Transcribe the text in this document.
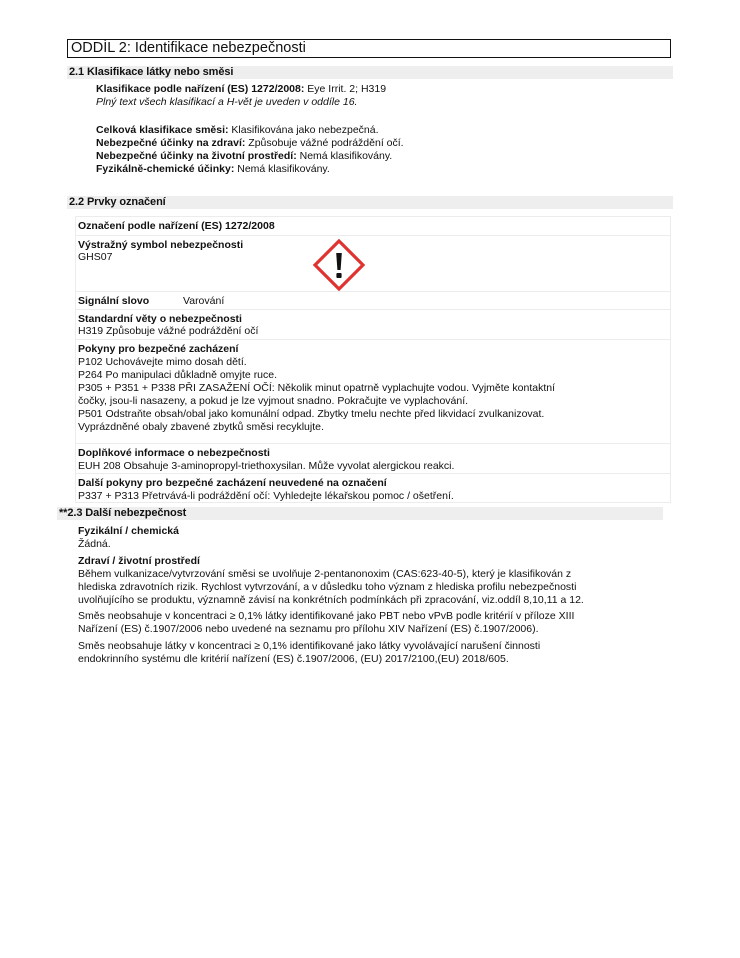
ODDÍL 2: Identifikace nebezpečnosti
2.1 Klasifikace látky nebo směsi
Klasifikace podle nařízení (ES) 1272/2008: Eye Irrit. 2; H319
Plný text všech klasifikací a H-vět je uveden v oddíle 16.
Celková klasifikace směsi: Klasifikována jako nebezpečná.
Nebezpečné účinky na zdraví: Způsobuje vážné podráždění očí.
Nebezpečné účinky na životní prostředí: Nemá klasifikovány.
Fyzikálně-chemické účinky: Nemá klasifikovány.
2.2 Prvky označení
Označení podle nařízení (ES) 1272/2008
Výstražný symbol nebezpečnosti
GHS07
Signální slovo	Varování
Standardní věty o nebezpečnosti
H319 Způsobuje vážné podráždění očí
Pokyny pro bezpečné zacházení
P102 Uchovávejte mimo dosah dětí.
P264 Po manipulaci důkladně omyjte ruce.
P305 + P351 + P338 PŘI ZASAŽENÍ OČÍ: Několik minut opatrně vyplachujte vodou. Vyjměte kontaktní
čočky, jsou-li nasazeny, a pokud je lze vyjmout snadno. Pokračujte ve vyplachování.
P501 Odstraňte obsah/obal jako komunální odpad. Zbytky tmelu nechte před likvidací zvulkanizovat.
Vyprázdněné obaly zbavené zbytků směsi recyklujte.
Doplňkové informace o nebezpečnosti
EUH 208 Obsahuje 3-aminopropyl-triethoxysilan. Může vyvolat alergickou reakci.
Další pokyny pro bezpečné zacházení neuvedené na označení
P337 + P313 Přetrvává-li podráždění očí: Vyhledejte lékařskou pomoc / ošetření.
**2.3 Další nebezpečnost
Fyzikální / chemická
Žádná.
Zdraví / životní prostředí
Během vulkanizace/vytvrzování směsi se uvolňuje 2-pentanonoxim (CAS:623-40-5), který je klasifikován z
hlediska zdravotních rizik. Rychlost vytvrzování, a v důsledku toho význam z hlediska profilu nebezpečnosti
uvolňujícího se produktu, významně závisí na konkrétních podmínkách při zpracování, viz.oddíl 8,10,11 a 12.
Směs neobsahuje v koncentraci ≥ 0,1% látky identifikované jako PBT nebo vPvB podle kritérií v příloze XIII
Nařízení (ES) č.1907/2006 nebo uvedené na seznamu pro přílohu XIV Nařízení (ES) č.1907/2006).
Směs neobsahuje látky v koncentraci ≥ 0,1% identifikované jako látky vyvolávající narušení činnosti
endokrinního systému dle kritérií nařízení (ES) č.1907/2006, (EU) 2017/2100,(EU) 2018/605.
